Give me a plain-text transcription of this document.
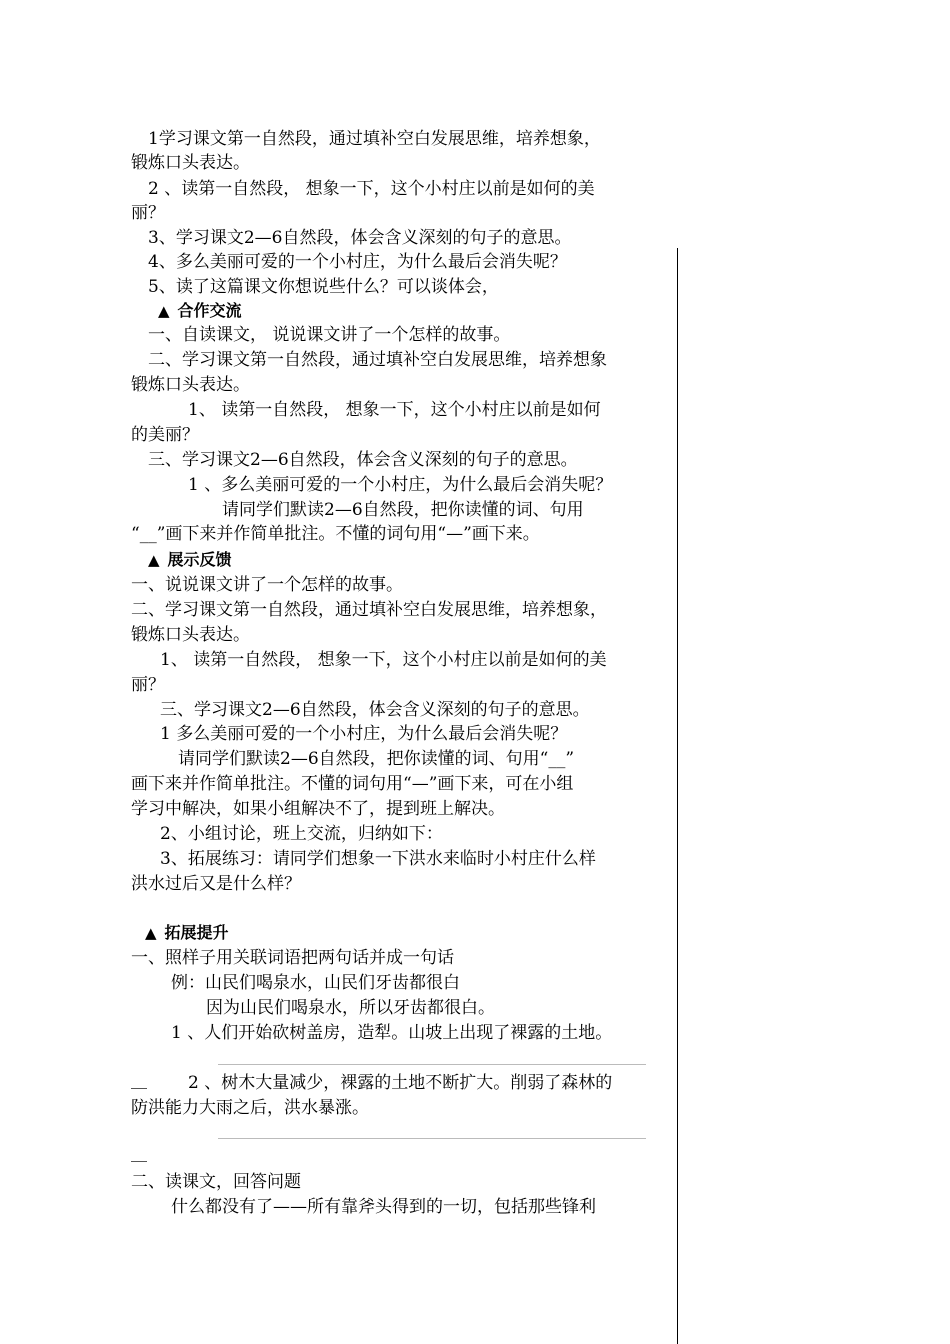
1学习课文第一自然段，通过填补空白发展思维，培养想象，
锻炼口头表达。
2 、读第一自然段， 想象一下，这个小村庄以前是如何的美
丽？
3、学习课文2—6自然段，体会含义深刻的句子的意思。
4、多么美丽可爱的一个小村庄，为什么最后会消失呢？
5、读了这篇课文你想说些什么？可以谈体会，
▲ 合作交流
一、自读课文， 说说课文讲了一个怎样的故事。
二、学习课文第一自然段，通过填补空白发展思维，培养想象
锻炼口头表达。
1、 读第一自然段， 想象一下，这个小村庄以前是如何
的美丽？
三、学习课文2—6自然段，体会含义深刻的句子的意思。
1 、多么美丽可爱的一个小村庄，为什么最后会消失呢？
请同学们默读2—6自然段，把你读懂的词、句用
“__”画下来并作简单批注。不懂的词句用“—”画下来。
▲ 展示反馈
一、说说课文讲了一个怎样的故事。
二、学习课文第一自然段，通过填补空白发展思维，培养想象，
锻炼口头表达。
1、 读第一自然段， 想象一下，这个小村庄以前是如何的美
丽？
三、学习课文2—6自然段，体会含义深刻的句子的意思。
1 多么美丽可爱的一个小村庄，为什么最后会消失呢？
请同学们默读2—6自然段，把你读懂的词、句用“__”
画下来并作简单批注。不懂的词句用“—”画下来，可在小组
学习中解决，如果小组解决不了，提到班上解决。
2、小组讨论，班上交流，归纳如下：
3、拓展练习：请同学们想象一下洪水来临时小村庄什么样
洪水过后又是什么样？
▲ 拓展提升
一、照样子用关联词语把两句话并成一句话
例：山民们喝泉水，山民们牙齿都很白
因为山民们喝泉水，所以牙齿都很白。
1 、人们开始砍树盖房，造犁。山坡上出现了裸露的土地。
2 、树木大量减少，裸露的土地不断扩大。削弱了森林的
防洪能力大雨之后，洪水暴涨。
二、读课文，回答问题
什么都没有了——所有靠斧头得到的一切，包括那些锋利
